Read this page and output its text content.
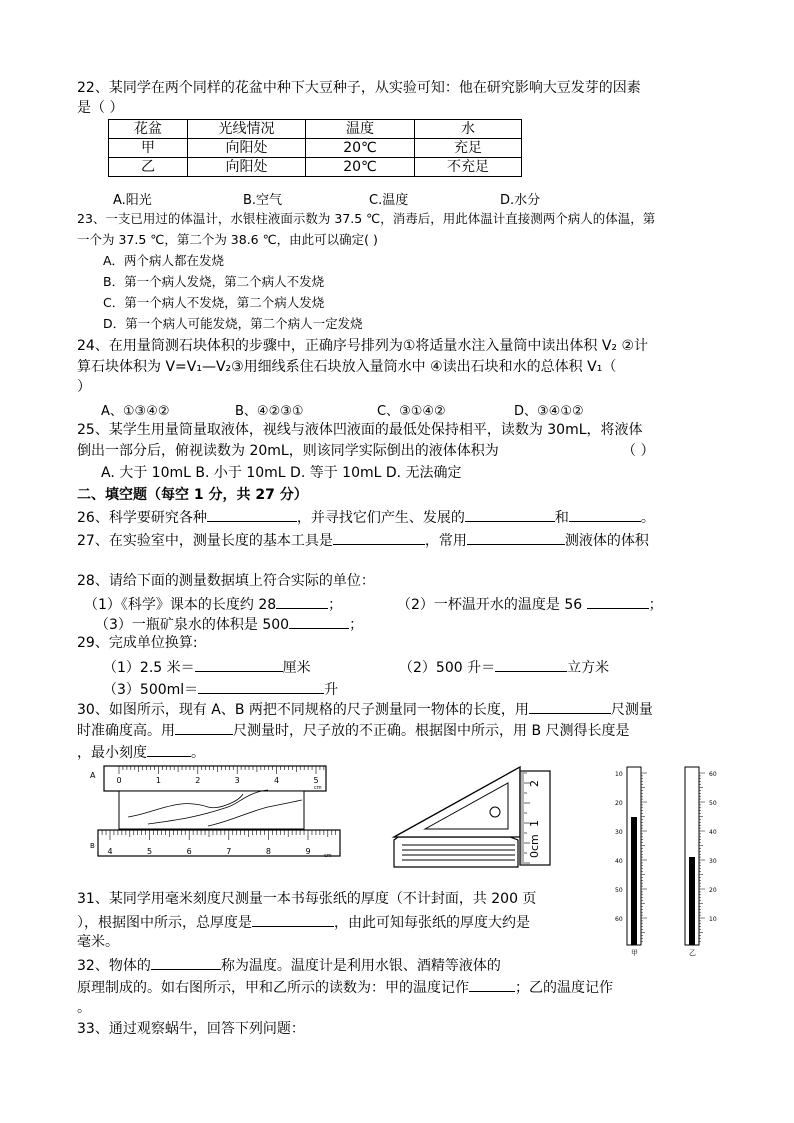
22、某同学在两个同样的花盆中种下大豆种子，从实验可知：他在研究影响大豆发芽的因素
是（ ）
花盆	光线情况	温度	水
甲	向阳处	20℃	充足
乙	向阳处	20℃	不充足
A.阳光	B.空气	C.温度	D.水分
23、一支已用过的体温计，水银柱液面示数为 37.5 ℃，消毒后，用此体温计直接测两个病人的体温，第
一个为 37.5 ℃，第二个为 38.6 ℃，由此可以确定( )
A．两个病人都在发烧
B．第一个病人发烧，第二个病人不发烧
C．第一个病人不发烧，第二个病人发烧
D．第一个病人可能发烧，第二个病人一定发烧
24、在用量筒测石块体积的步骤中，正确序号排列为①将适量水注入量筒中读出体积 V₂ ②计
算石块体积为 V=V₁—V₂③用细线系住石块放入量筒水中 ④读出石块和水的总体积 V₁（
）
A、①③④②	B、④②③①	C、③①④②	D、③④①②
25、某学生用量筒量取液体，视线与液体凹液面的最低处保持相平，读数为 30mL，将液体
倒出一部分后，俯视读数为 20mL，则该同学实际倒出的液体体积为	（ ）
A. 大于 10mL B. 小于 10mL D. 等于 10mL D. 无法确定
二、填空题（每空 1 分，共 27 分）
26、科学要研究各种	，并寻找它们产生、发展的	和	。
27、在实验室中，测量长度的基本工具是	，常用	测液体的体积
28、请给下面的测量数据填上符合实际的单位：
（1）《科学》课本的长度约 28	；	（2）一杯温开水的温度是 56	；
（3）一瓶矿泉水的体积是 500	；
29、完成单位换算:
（1）2.5 米＝	厘米	（2）500 升＝	立方米
（3）500ml＝	升
30、如图所示，现有 A、B 两把不同规格的尺子测量同一物体的长度，用	尺测量
时准确度高。用	尺测量时，尺子放的不正确。根据图中所示，用 B 尺测得长度是
，最小刻度	。
A
0	1	2	3	4	5
cm
B
4	5	6	7	8	9	cm	0cm
1
2
10
20
30
40
50
60
甲
60
50
40
30
20
10
乙
31、某同学用毫米刻度尺测量一本书每张纸的厚度（不计封面，共 200 页
），根据图中所示，总厚度是	，由此可知每张纸的厚度大约是
毫米。
32、物体的	称为温度。温度计是利用水银、酒精等液体的
原理制成的。如右图所示，甲和乙所示的读数为：甲的温度记作	；乙的温度记作
。
33、通过观察蜗牛，回答下列问题：
